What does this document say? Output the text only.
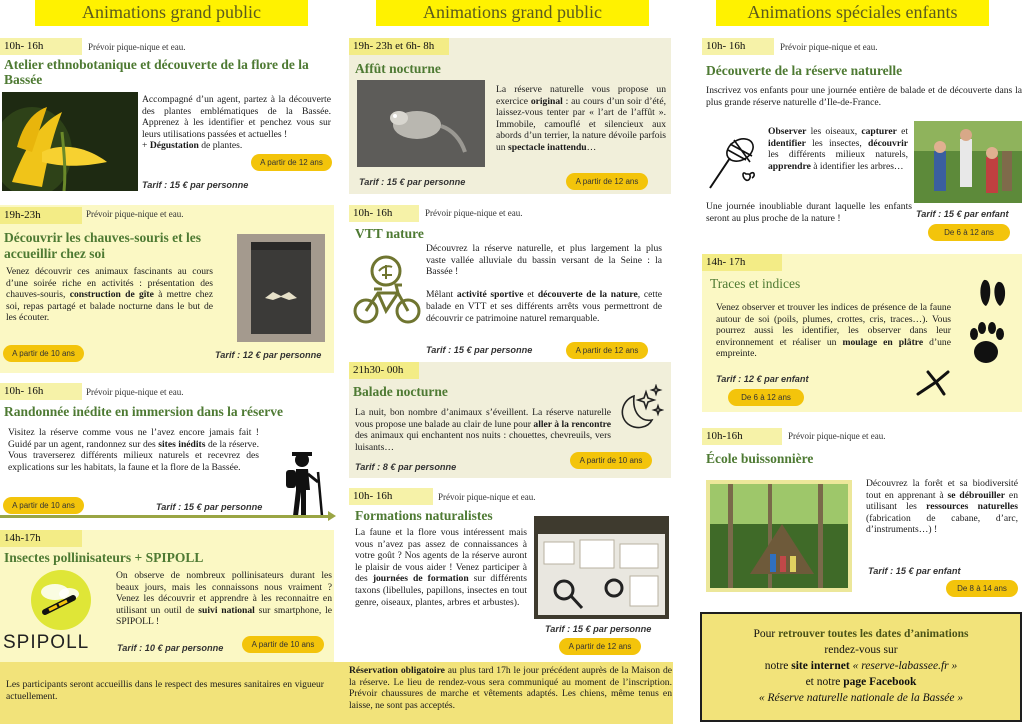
Animations grand public
10h- 16h	Prévoir pique-nique et eau.
Atelier ethnobotanique et découverte de la flore de la Bassée
Accompagné d’un agent, partez à la découverte des plantes emblématiques de la Bassée. Apprenez à les identifier et penchez vous sur leurs utilisations passées et actuelles !
+ Dégustation de plantes.
A partir de 12 ans
Tarif : 15 € par personne
19h-23h	Prévoir pique-nique et eau.
Découvrir les chauves-souris et les accueillir chez soi
Venez découvrir ces animaux fascinants au cours d’une soirée riche en activités : présentation des chauves-souris, construction de gîte à mettre chez soi, repas partagé et balade nocturne dans le but de les écouter.
A partir de 10 ans	Tarif : 12 € par personne
10h- 16h	Prévoir pique-nique et eau.
Randonnée inédite en immersion dans la réserve
Visitez la réserve comme vous ne l’avez encore jamais fait ! Guidé par un agent, randonnez sur des sites inédits de la réserve. Vous traverserez différents milieux naturels et recevrez des explications sur les habitats, la faune et la flore de la Bassée.
A partir de 10 ans	Tarif : 15 € par personne
14h-17h
Insectes pollinisateurs + SPIPOLL
SPIPOLL
On observe de nombreux pollinisateurs durant les beaux jours, mais les connaissons nous vraiment ? Venez les découvrir et apprendre à les reconnaitre en utilisant un outil de suivi national sur smartphone, le SPIPOLL !
Tarif : 10 € par personne	A partir de 10 ans
Les participants seront accueillis dans le respect des mesures sanitaires en vigueur actuellement.
Animations grand public
19h- 23h et 6h- 8h
Affût nocturne
La réserve naturelle vous propose un exercice original : au cours d’un soir d’été, laissez-vous tenter par « l’art de l’affût ». Immobile, camouflé et silencieux aux abords d’un terrier, la nature dévoile parfois un spectacle inattendu…
Tarif : 15 € par personne	A partir de 12 ans
10h- 16h	Prévoir pique-nique et eau.
VTT nature
Découvrez la réserve naturelle, et plus largement la plus vaste vallée alluviale du bassin versant de la Seine : la Bassée !

Mêlant activité sportive et découverte de la nature, cette balade en VTT et ses différents arrêts vous permettront de découvrir ce patrimoine naturel remarquable.
Tarif : 15 € par personne	A partir de 12 ans
21h30- 00h
Balade nocturne
La nuit, bon nombre d’animaux s’éveillent. La réserve naturelle vous propose une balade au clair de lune pour aller à la rencontre des animaux qui enchantent nos nuits : chouettes, chevreuils, vers luisants…
Tarif : 8 € par personne
A partir de 10 ans
10h- 16h	Prévoir pique-nique et eau.
Formations naturalistes
La faune et la flore vous intéressent mais vous n’avez pas assez de connaissances à votre goût ? Nos agents de la réserve auront le plaisir de vous aider ! Venez participer à des journées de formation sur différents taxons (libellules, papillons, insectes en tout genre, oiseaux, plantes, arbres et arbustes).
Tarif : 15 € par personne
A partir de 12 ans
Réservation obligatoire au plus tard 17h le jour précédent auprès de la Maison de la réserve. Le lieu de rendez-vous sera communiqué au moment de l’inscription. Prévoir chaussures de marche et vêtements adaptés. Les chiens, même tenus en laisse, ne sont pas acceptés.
Animations spéciales enfants
10h- 16h	Prévoir pique-nique et eau.
Découverte de la réserve naturelle
Inscrivez vos enfants pour une journée entière de balade et de découverte dans la plus grande réserve naturelle d’Ile-de-France.
Observer les oiseaux, capturer et identifier les insectes, découvrir les différents milieux naturels, apprendre à identifier les arbres…
Une journée inoubliable durant laquelle les enfants seront au plus proche de la nature !	Tarif : 15 € par enfant
De 6 à 12 ans
14h- 17h
Traces et indices
Venez observer et trouver les indices de présence de la faune autour de soi (poils, plumes, crottes, cris, traces…). Vous pourrez aussi les identifier, les observer dans leur environnement et réaliser un moulage en plâtre d’une empreinte.
Tarif : 12 € par enfant
De 6 à 12 ans
10h-16h	Prévoir pique-nique et eau.
École buissonnière
Découvrez la forêt et sa biodiversité tout en apprenant à se débrouiller en utilisant les ressources naturelles (fabrication de cabane, d’arc, d’instruments…) !
Tarif : 15 € par enfant
De 8 à 14 ans
Pour retrouver toutes les dates d’animations
rendez-vous sur
notre site internet « reserve-labassee.fr »
et notre page Facebook
« Réserve naturelle nationale de la Bassée »
